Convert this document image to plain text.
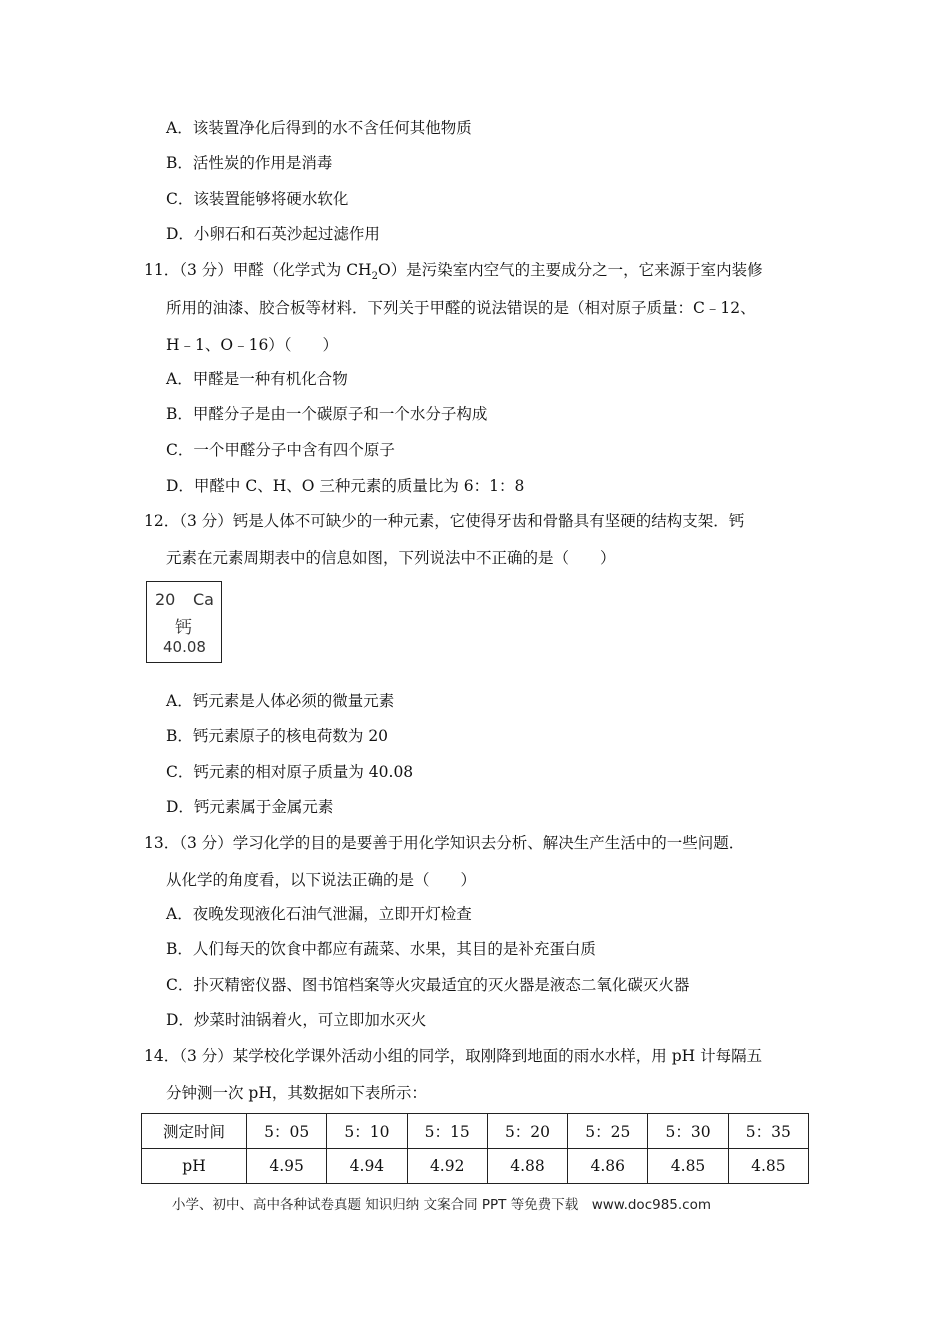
A．该装置净化后得到的水不含任何其他物质
B．活性炭的作用是消毒
C．该装置能够将硬水软化
D．小卵石和石英沙起过滤作用
11．（3 分）甲醛（化学式为 $CH_2O$）是污染室内空气的主要成分之一，它来源于室内装修
所用的油漆、胶合板等材料．下列关于甲醛的说法错误的是（相对原子质量：C﹣12、
H﹣1、O﹣16）（　　）
A．甲醛是一种有机化合物
B．甲醛分子是由一个碳原子和一个水分子构成
C．一个甲醛分子中含有四个原子
D．甲醛中 C、H、O 三种元素的质量比为 6：1：8
12．（3 分）钙是人体不可缺少的一种元素，它使得牙齿和骨骼具有坚硬的结构支架．钙
元素在元素周期表中的信息如图，下列说法中不正确的是（　　）
20 Ca
钙
40.08
A．钙元素是人体必须的微量元素
B．钙元素原子的核电荷数为 20
C．钙元素的相对原子质量为 40.08
D．钙元素属于金属元素
13．（3 分）学习化学的目的是要善于用化学知识去分析、解决生产生活中的一些问题．
从化学的角度看，以下说法正确的是（　　）
A．夜晚发现液化石油气泄漏，立即开灯检查
B．人们每天的饮食中都应有蔬菜、水果，其目的是补充蛋白质
C．扑灭精密仪器、图书馆档案等火灾最适宜的灭火器是液态二氧化碳灭火器
D．炒菜时油锅着火，可立即加水灭火
14．（3 分）某学校化学课外活动小组的同学，取刚降到地面的雨水水样，用 pH 计每隔五
分钟测一次 pH，其数据如下表所示：
测定时间	5：05	5：10	5：15	5：20	5：25	5：30	5：35
pH	4.95	4.94	4.92	4.88	4.86	4.85	4.85
小学、初中、高中各种试卷真题 知识归纳 文案合同 PPT 等免费下载　www.doc985.com
